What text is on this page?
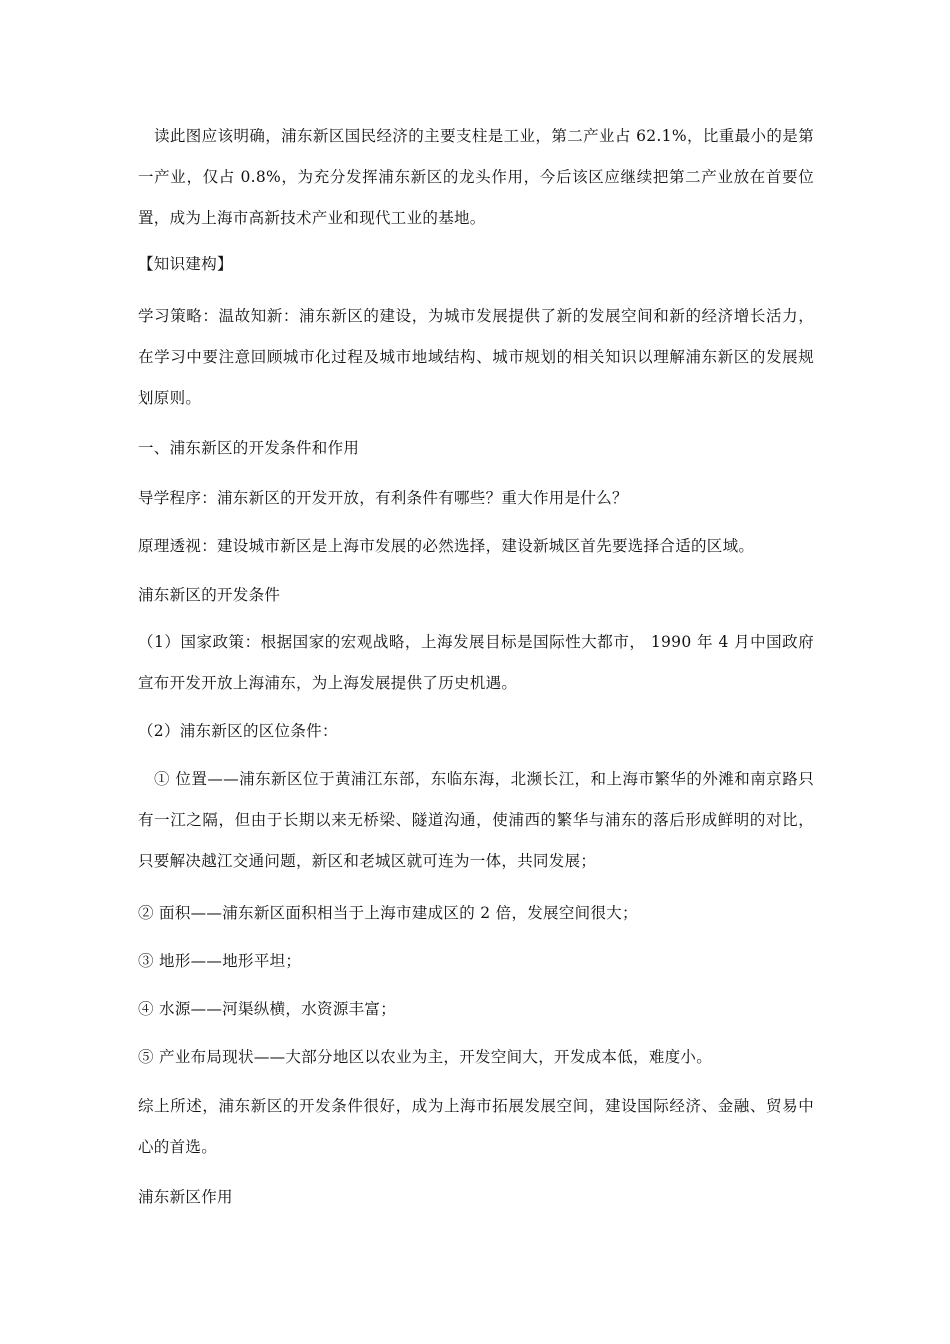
读此图应该明确，浦东新区国民经济的主要支柱是工业，第二产业占 62.1%，比重最小的是第一产业，仅占 0.8%，为充分发挥浦东新区的龙头作用，今后该区应继续把第二产业放在首要位置，成为上海市高新技术产业和现代工业的基地。

【知识建构】

学习策略：温故知新：浦东新区的建设，为城市发展提供了新的发展空间和新的经济增长活力，在学习中要注意回顾城市化过程及城市地域结构、城市规划的相关知识以理解浦东新区的发展规划原则。

一、浦东新区的开发条件和作用

导学程序：浦东新区的开发开放，有利条件有哪些？重大作用是什么？

原理透视：建设城市新区是上海市发展的必然选择，建设新城区首先要选择合适的区域。

浦东新区的开发条件

（1）国家政策：根据国家的宏观战略，上海发展目标是国际性大都市， 1990 年 4 月中国政府宣布开发开放上海浦东，为上海发展提供了历史机遇。

（2）浦东新区的区位条件：

① 位置——浦东新区位于黄浦江东部，东临东海，北濒长江，和上海市繁华的外滩和南京路只有一江之隔，但由于长期以来无桥梁、隧道沟通，使浦西的繁华与浦东的落后形成鲜明的对比，只要解决越江交通问题，新区和老城区就可连为一体，共同发展；

② 面积——浦东新区面积相当于上海市建成区的 2 倍，发展空间很大；

③ 地形——地形平坦；

④ 水源——河渠纵横，水资源丰富；

⑤ 产业布局现状——大部分地区以农业为主，开发空间大，开发成本低，难度小。

综上所述，浦东新区的开发条件很好，成为上海市拓展发展空间，建设国际经济、金融、贸易中心的首选。

浦东新区作用
